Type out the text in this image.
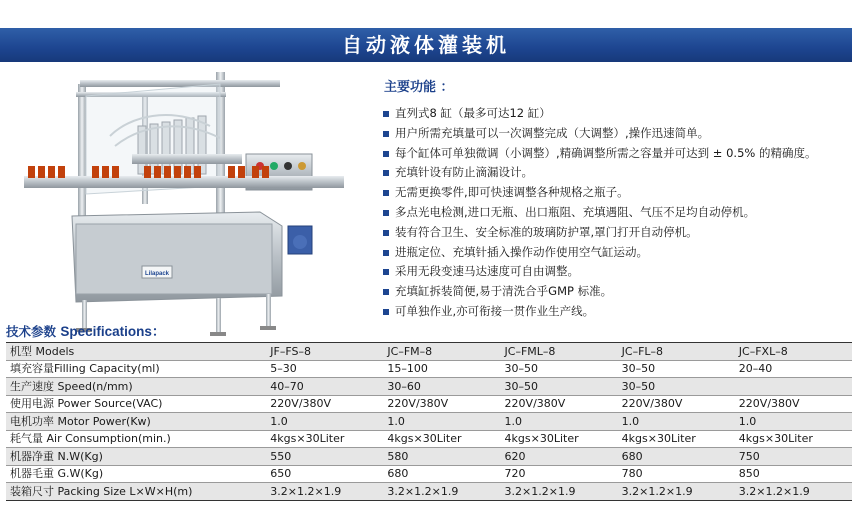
自动液体灌装机
Lilapack
主要功能 ：
直列式8 缸（最多可达12 缸）
用户所需充填量可以一次调整完成（大调整）,操作迅速简单。
每个缸体可单独微调（小调整）,精确调整所需之容量并可达到 ± 0.5% 的精确度。
充填针设有防止滴漏设计。
无需更换零件,即可快速调整各种规格之瓶子。
多点光电检测,进口无瓶、出口瓶阻、充填遇阻、气压不足均自动停机。
装有符合卫生、安全标准的玻璃防护罩,罩门打开自动停机。
进瓶定位、充填针插入操作动作使用空气缸运动。
采用无段变速马达速度可自由调整。
充填缸拆装简便,易于清洗合乎GMP 标准。
可单独作业,亦可衔接一贯作业生产线。
技术参数 Specifications：
机型 Models	JF–FS–8	JC–FM–8	JC–FML–8	JC–FL–8	JC–FXL–8
填充容量Filling Capacity(ml)	5–30	15–100	30–50	30–50	20–40
生产速度 Speed(n/mm)	40–70	30–60	30–50	30–50	
使用电源 Power Source(VAC)	220V/380V	220V/380V	220V/380V	220V/380V	220V/380V
电机功率 Motor Power(Kw)	1.0	1.0	1.0	1.0	1.0
耗气量 Air Consumption(min.)	4kgs×30Liter	4kgs×30Liter	4kgs×30Liter	4kgs×30Liter	4kgs×30Liter
机器净重 N.W(Kg)	550	580	620	680	750
机器毛重 G.W(Kg)	650	680	720	780	850
装箱尺寸 Packing Size L×W×H(m)	3.2×1.2×1.9	3.2×1.2×1.9	3.2×1.2×1.9	3.2×1.2×1.9	3.2×1.2×1.9
